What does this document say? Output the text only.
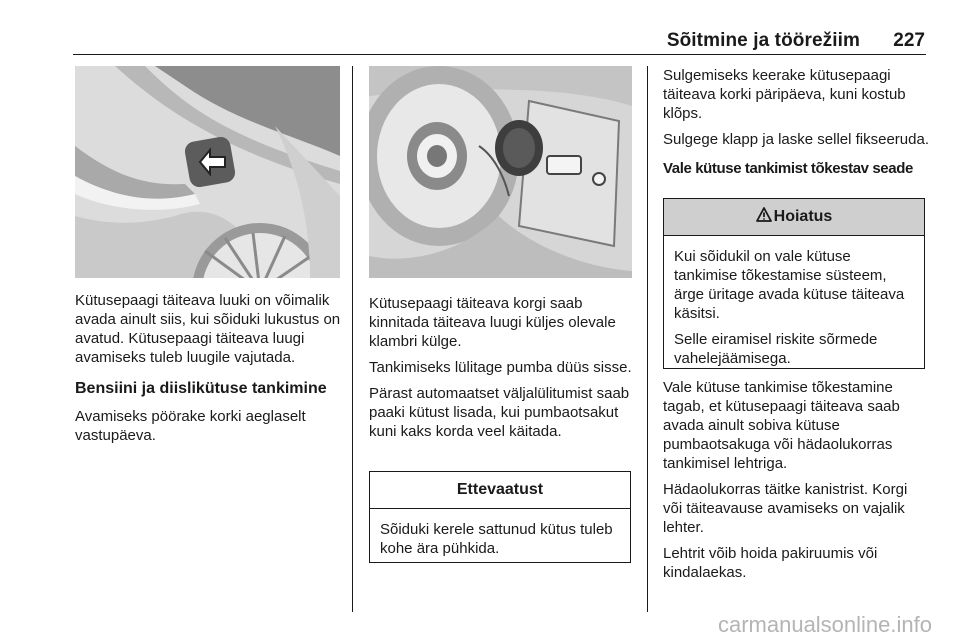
Sõitmine ja töörežiim	227

Kütusepaagi täiteava luuki on võimalik avada ainult siis, kui sõiduki lukustus on avatud. Kütusepaagi täiteava luugi avamiseks tuleb luugile vajutada.

Bensiini ja diislikütuse tankimine

Avamiseks pöörake korki aeglaselt vastupäeva.

Kütusepaagi täiteava korgi saab kinnitada täiteava luugi küljes olevale klambri külge.

Tankimiseks lülitage pumba düüs sisse.

Pärast automaatset väljalülitumist saab paaki kütust lisada, kui pumbaotsakut kuni kaks korda veel käitada.

Ettevaatust
Sõiduki kerele sattunud kütus tuleb kohe ära pühkida.

Sulgemiseks keerake kütusepaagi täiteava korki päripäeva, kuni kostub klõps.

Sulgege klapp ja laske sellel fikseeruda.

Vale kütuse tankimist tõkestav seade
Hoiatus

Kui sõidukil on vale kütuse tankimise tõkestamise süsteem, ärge üritage avada kütuse täiteava käsitsi.

Selle eiramisel riskite sõrmede vahelejäämisega.

Vale kütuse tankimise tõkestamine tagab, et kütusepaagi täiteava saab avada ainult sobiva kütuse pumbaotsakuga või hädaolukorras tankimisel lehtriga.

Hädaolukorras täitke kanistrist. Korgi või täiteavause avamiseks on vajalik lehter.

Lehtrit võib hoida pakiruumis või kindalaekas.

carmanualsonline.info
